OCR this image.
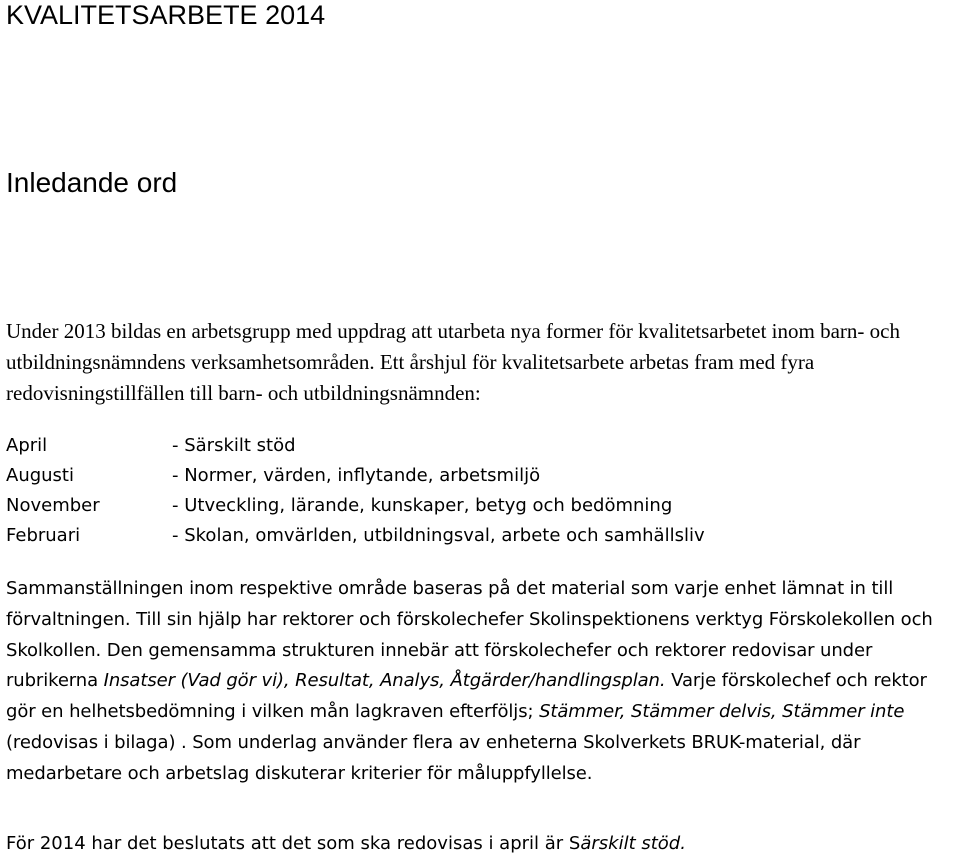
KVALITETSARBETE 2014
Inledande ord

Under 2013 bildas en arbetsgrupp med uppdrag att utarbeta nya former för kvalitetsarbetet inom barn- och utbildningsnämndens verksamhetsområden. Ett årshjul för kvalitetsarbete arbetas fram med fyra redovisningstillfällen till barn- och utbildningsnämnden:

April	- Särskilt stöd
Augusti	- Normer, värden, inflytande, arbetsmiljö
November	- Utveckling, lärande, kunskaper, betyg och bedömning
Februari	- Skolan, omvärlden, utbildningsval, arbete och samhällsliv

Sammanställningen inom respektive område baseras på det material som varje enhet lämnat in till förvaltningen. Till sin hjälp har rektorer och förskolechefer Skolinspektionens verktyg Förskolekollen och Skolkollen. Den gemensamma strukturen innebär att förskolechefer och rektorer redovisar under rubrikerna Insatser (Vad gör vi), Resultat, Analys, Åtgärder/handlingsplan. Varje förskolechef och rektor gör en helhetsbedömning i vilken mån lagkraven efterföljs; Stämmer, Stämmer delvis, Stämmer inte (redovisas i bilaga) . Som underlag använder flera av enheterna Skolverkets BRUK-material, där medarbetare och arbetslag diskuterar kriterier för måluppfyllelse.

För 2014 har det beslutats att det som ska redovisas i april är Särskilt stöd.
